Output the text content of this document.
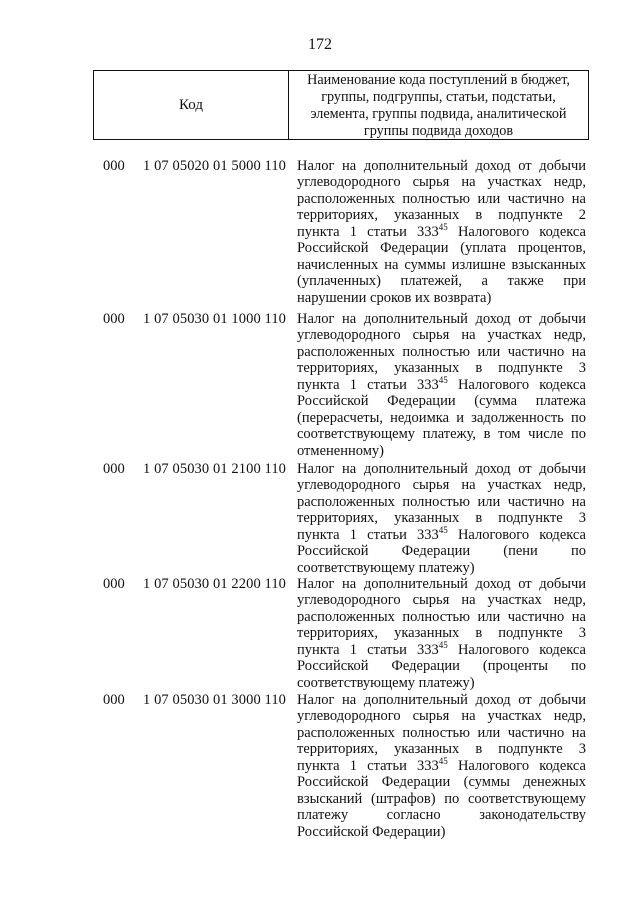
172
Код
Наименование кода поступлений в бюджет,
группы, подгруппы, статьи, подстатьи,
элемента, группы подвида, аналитической
группы подвида доходов
000 1 07 05020 01 5000 110 Налог на дополнительный доход от добычи
углеводородного сырья на участках недр,
расположенных полностью или частично на
территориях, указанных в подпункте 2
пункта 1 статьи $333^{45}$ Налогового кодекса
Российской Федерации (уплата процентов,
начисленных на суммы излишне взысканных
(уплаченных) платежей, а также при
нарушении сроков их возврата)
000 1 07 05030 01 1000 110 Налог на дополнительный доход от добычи
углеводородного сырья на участках недр,
расположенных полностью или частично на
территориях, указанных в подпункте 3
пункта 1 статьи $333^{45}$ Налогового кодекса
Российской Федерации (сумма платежа
(перерасчеты, недоимка и задолженность по
соответствующему платежу, в том числе по
отмененному)
000 1 07 05030 01 2100 110 Налог на дополнительный доход от добычи
углеводородного сырья на участках недр,
расположенных полностью или частично на
территориях, указанных в подпункте 3
пункта 1 статьи $333^{45}$ Налогового кодекса
Российской Федерации (пени по
соответствующему платежу)
000 1 07 05030 01 2200 110 Налог на дополнительный доход от добычи
углеводородного сырья на участках недр,
расположенных полностью или частично на
территориях, указанных в подпункте 3
пункта 1 статьи $333^{45}$ Налогового кодекса
Российской Федерации (проценты по
соответствующему платежу)
000 1 07 05030 01 3000 110 Налог на дополнительный доход от добычи
углеводородного сырья на участках недр,
расположенных полностью или частично на
территориях, указанных в подпункте 3
пункта 1 статьи $333^{45}$ Налогового кодекса
Российской Федерации (суммы денежных
взысканий (штрафов) по соответствующему
платежу согласно законодательству
Российской Федерации)
